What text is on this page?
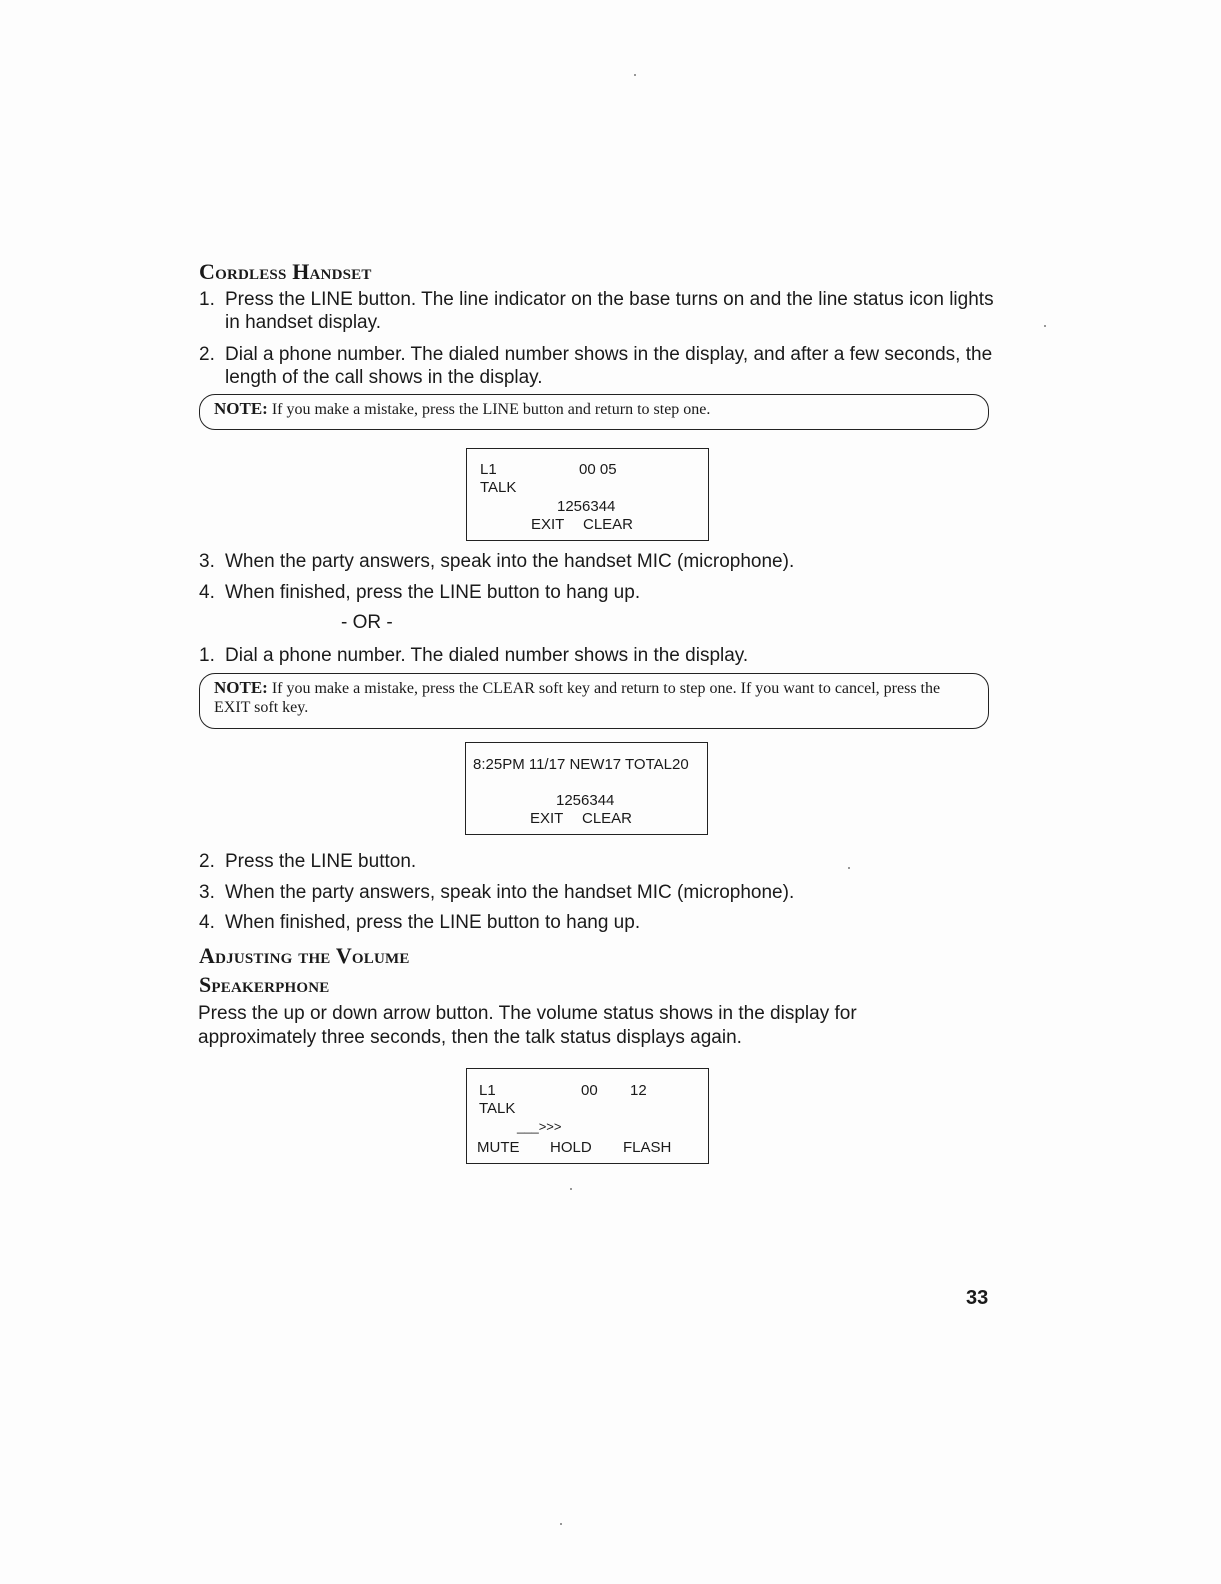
Cordless Handset
1. Press the LINE button. The line indicator on the base turns on and the line status icon lights in handset display.
2. Dial a phone number. The dialed number shows in the display, and after a few seconds, the length of the call shows in the display.
NOTE: If you make a mistake, press the LINE button and return to step one.
L1	00 05
TALK
1256344
EXIT CLEAR
3. When the party answers, speak into the handset MIC (microphone).
4. When finished, press the LINE button to hang up.
- OR -
1. Dial a phone number. The dialed number shows in the display.
NOTE: If you make a mistake, press the CLEAR soft key and return to step one. If you want to cancel, press the EXIT soft key.
8:25PM 11/17 NEW17 TOTAL20
1256344
EXIT CLEAR
2. Press the LINE button.
3. When the party answers, speak into the handset MIC (microphone).
4. When finished, press the LINE button to hang up.
Adjusting the Volume
Speakerphone
Press the up or down arrow button. The volume status shows in the display for approximately three seconds, then the talk status displays again.
L1	00 12
TALK
___>>>
MUTE HOLD FLASH
33
